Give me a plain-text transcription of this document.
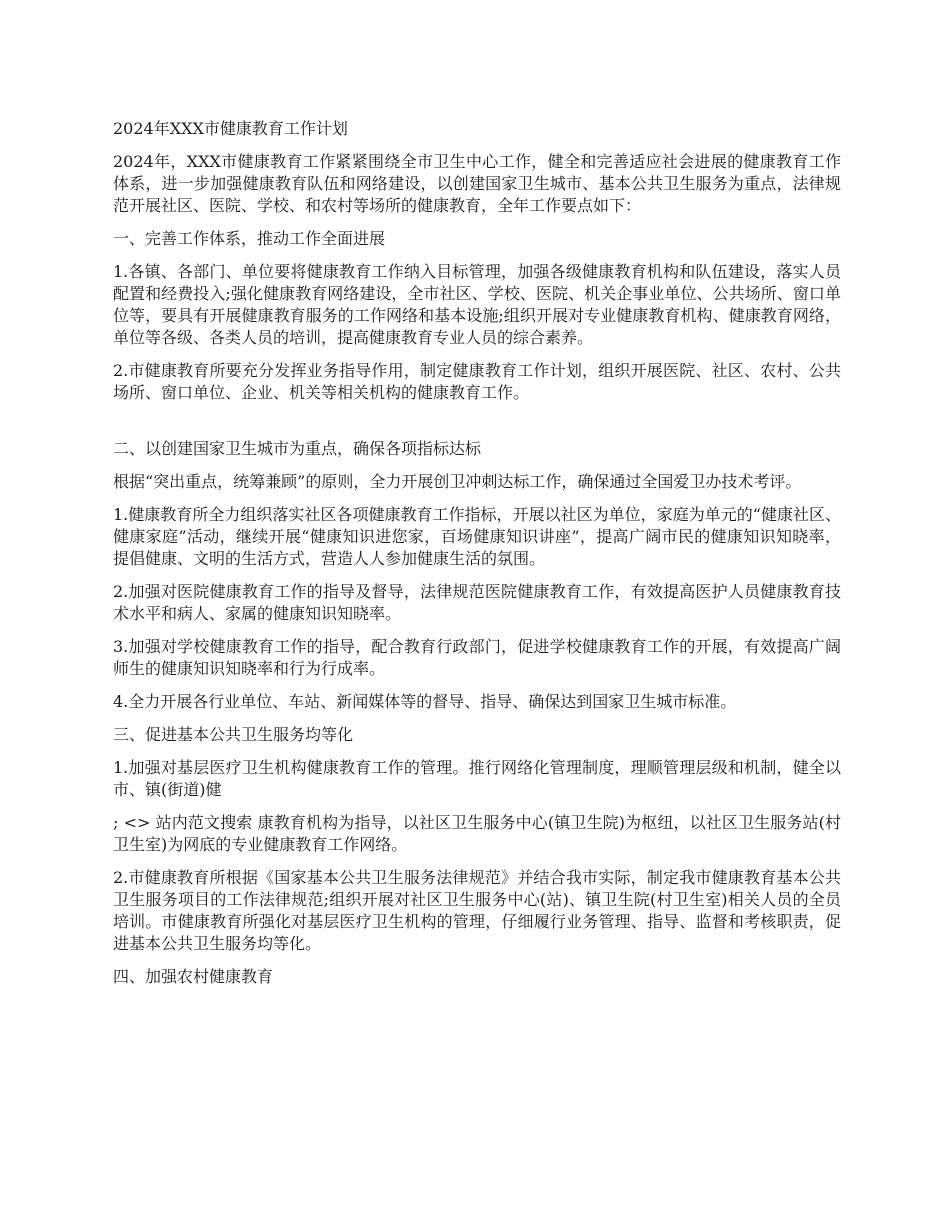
2024年XXX市健康教育工作计划

2024年，XXX市健康教育工作紧紧围绕全市卫生中心工作，健全和完善适应社会进展的健康教育工作体系，进一步加强健康教育队伍和网络建设，以创建国家卫生城市、基本公共卫生服务为重点，法律规范开展社区、医院、学校、和农村等场所的健康教育，全年工作要点如下：

一、完善工作体系，推动工作全面进展

1.各镇、各部门、单位要将健康教育工作纳入目标管理，加强各级健康教育机构和队伍建设，落实人员配置和经费投入;强化健康教育网络建设，全市社区、学校、医院、机关企事业单位、公共场所、窗口单位等，要具有开展健康教育服务的工作网络和基本设施;组织开展对专业健康教育机构、健康教育网络，单位等各级、各类人员的培训，提高健康教育专业人员的综合素养。

2.市健康教育所要充分发挥业务指导作用，制定健康教育工作计划，组织开展医院、社区、农村、公共场所、窗口单位、企业、机关等相关机构的健康教育工作。

二、以创建国家卫生城市为重点，确保各项指标达标

根据“突出重点，统筹兼顾”的原则，全力开展创卫冲刺达标工作，确保通过全国爱卫办技术考评。

1.健康教育所全力组织落实社区各项健康教育工作指标，开展以社区为单位，家庭为单元的“健康社区、健康家庭”活动，继续开展“健康知识进您家，百场健康知识讲座”，提高广阔市民的健康知识知晓率，提倡健康、文明的生活方式，营造人人参加健康生活的氛围。

2.加强对医院健康教育工作的指导及督导，法律规范医院健康教育工作，有效提高医护人员健康教育技术水平和病人、家属的健康知识知晓率。

3.加强对学校健康教育工作的指导，配合教育行政部门，促进学校健康教育工作的开展，有效提高广阔师生的健康知识知晓率和行为行成率。

4.全力开展各行业单位、车站、新闻媒体等的督导、指导、确保达到国家卫生城市标准。

三、促进基本公共卫生服务均等化

1.加强对基层医疗卫生机构健康教育工作的管理。推行网络化管理制度，理顺管理层级和机制，健全以市、镇(街道)健

; <> 站内范文搜索 康教育机构为指导，以社区卫生服务中心(镇卫生院)为枢纽，以社区卫生服务站(村卫生室)为网底的专业健康教育工作网络。

2.市健康教育所根据《国家基本公共卫生服务法律规范》并结合我市实际，制定我市健康教育基本公共卫生服务项目的工作法律规范;组织开展对社区卫生服务中心(站)、镇卫生院(村卫生室)相关人员的全员培训。市健康教育所强化对基层医疗卫生机构的管理，仔细履行业务管理、指导、监督和考核职责，促进基本公共卫生服务均等化。

四、加强农村健康教育
